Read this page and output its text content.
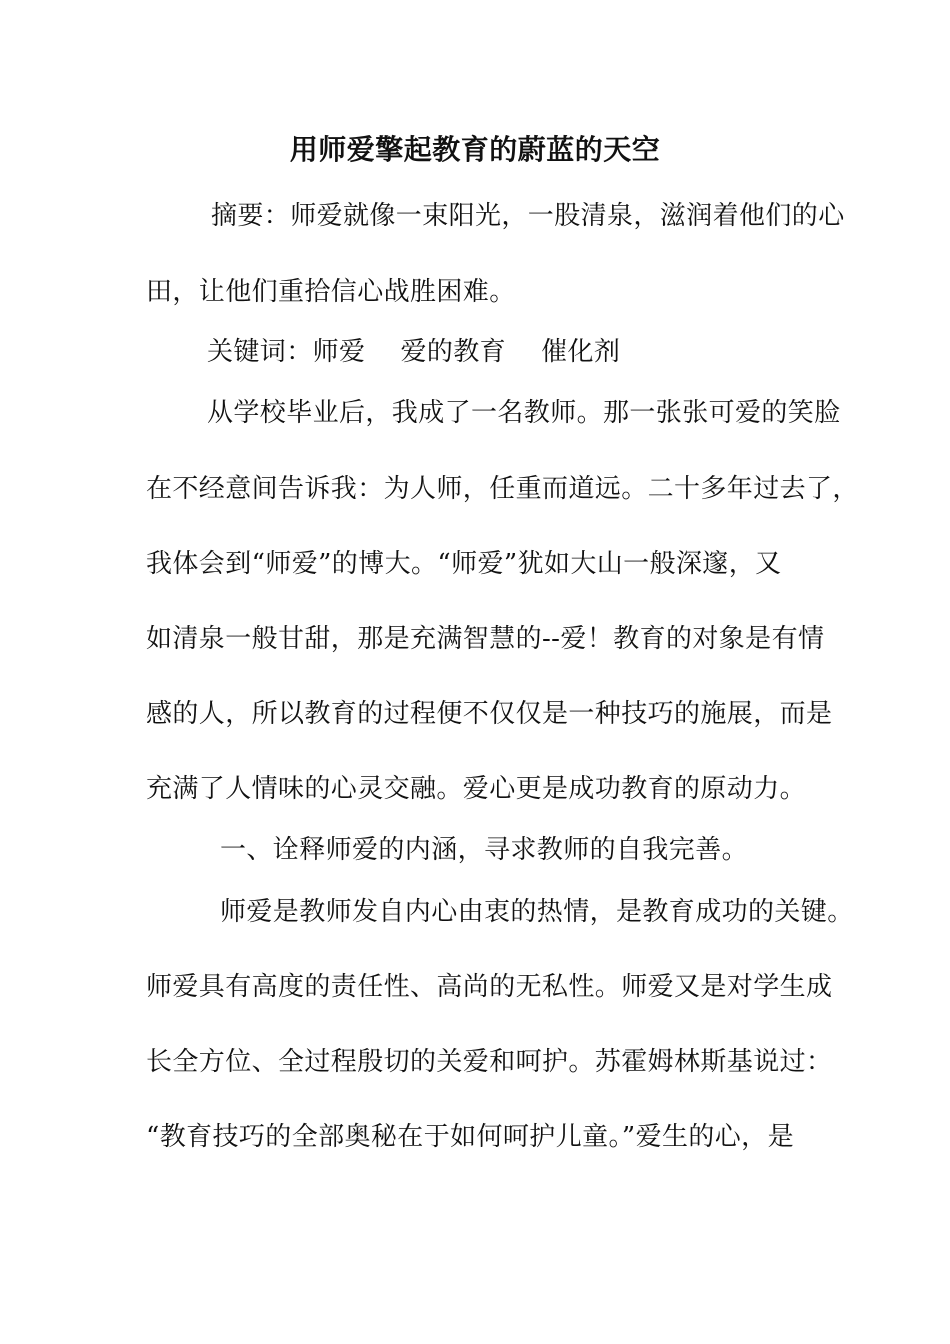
用师爱擎起教育的蔚蓝的天空
摘要：师爱就像一束阳光，一股清泉，滋润着他们的心
田，让他们重拾信心战胜困难。
关键词：师爱　 爱的教育　 催化剂
从学校毕业后，我成了一名教师。那一张张可爱的笑脸
在不经意间告诉我：为人师，任重而道远。二十多年过去了，
我体会到“师爱”的博大。“师爱”犹如大山一般深邃，又
如清泉一般甘甜，那是充满智慧的--爱！教育的对象是有情
感的人，所以教育的过程便不仅仅是一种技巧的施展，而是
充满了人情味的心灵交融。爱心更是成功教育的原动力。
一、诠释师爱的内涵，寻求教师的自我完善。
师爱是教师发自内心由衷的热情，是教育成功的关键。
师爱具有高度的责任性、高尚的无私性。师爱又是对学生成
长全方位、全过程殷切的关爱和呵护。苏霍姆林斯基说过：
“教育技巧的全部奥秘在于如何呵护儿童。”爱生的心，是
